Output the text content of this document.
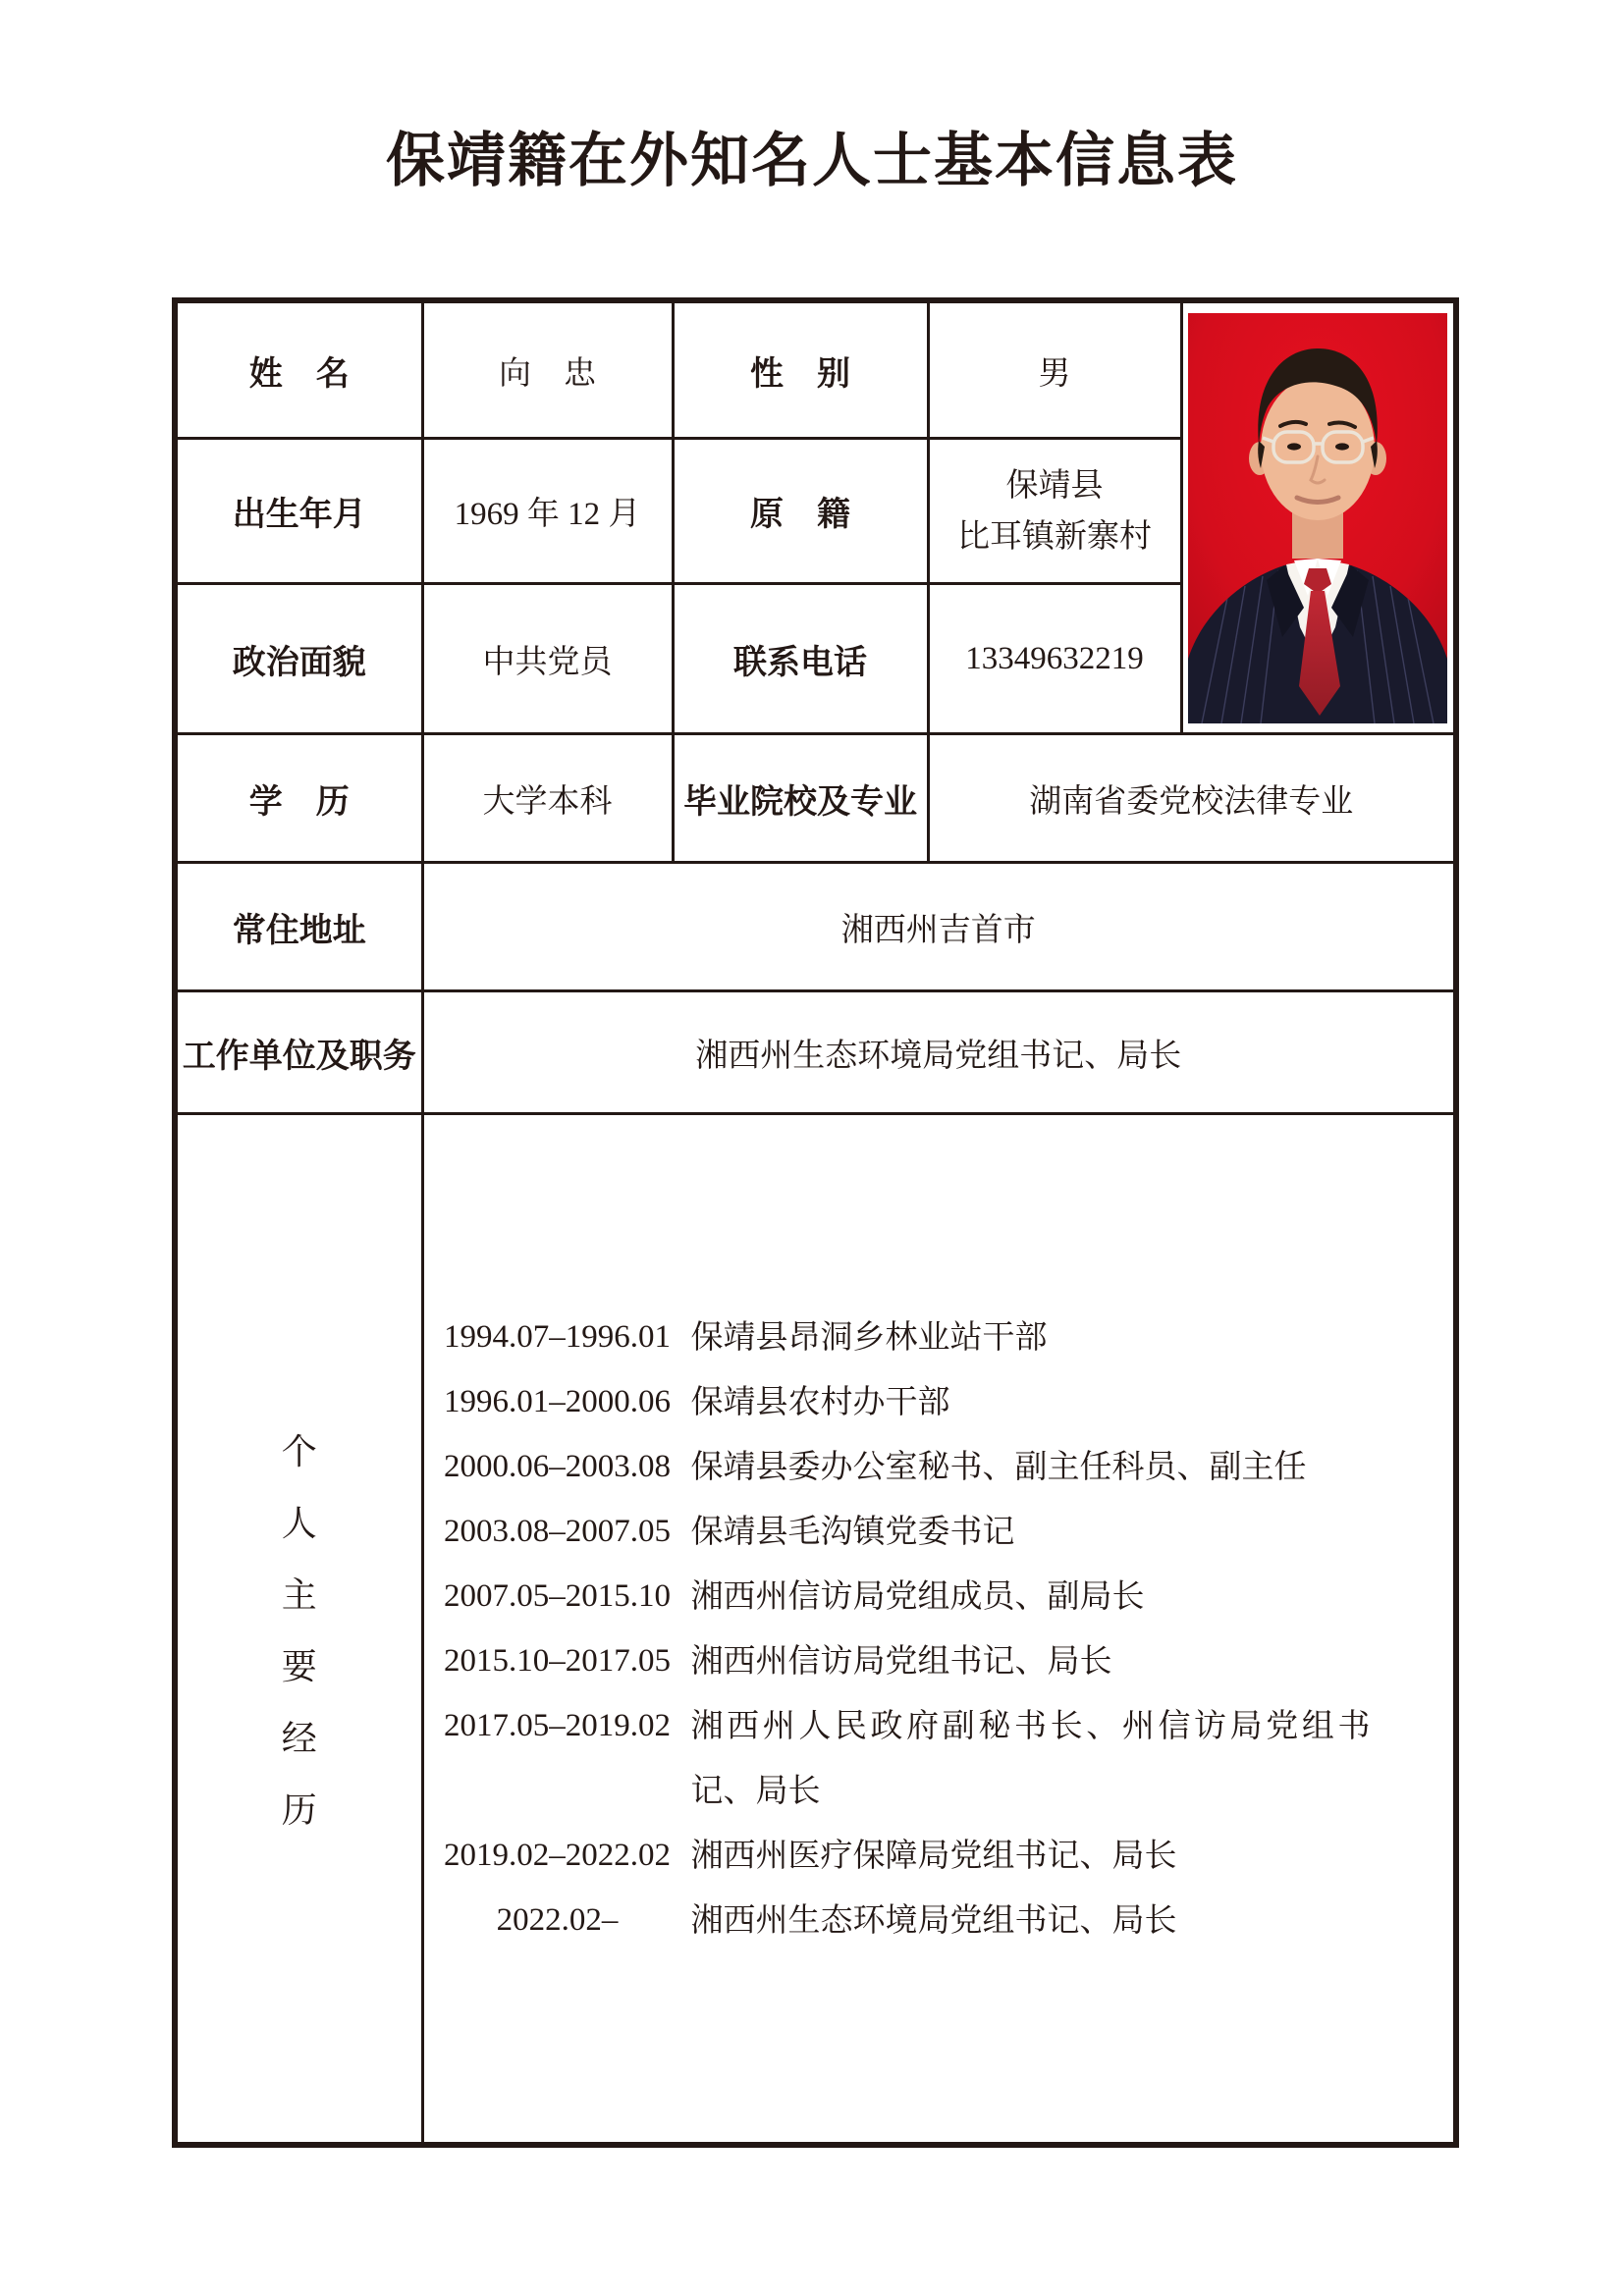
保靖籍在外知名人士基本信息表
姓　名	向　忠	性　别	男	

出生年月	1969 年 12 月	原　籍	保靖县
比耳镇新寨村	

政治面貌	中共党员	联系电话	13349632219	
学　历	大学本科	毕业院校及专业	湖南省委党校法律专业	
常住地址	湘西州吉首市			
工作单位及职务	湘西州生态环境局党组书记、局长			

个
人
主
要
经
历

1994.07–1996.01 保靖县昂洞乡林业站干部
1996.01–2000.06 保靖县农村办干部
2000.06–2003.08 保靖县委办公室秘书、副主任科员、副主任
2003.08–2007.05 保靖县毛沟镇党委书记
2007.05–2015.10 湘西州信访局党组成员、副局长
2015.10–2017.05 湘西州信访局党组书记、局长
2017.05–2019.02 湘西州人民政府副秘书长、州信访局党组书记、局长
2019.02–2022.02 湘西州医疗保障局党组书记、局长
2022.02–	湘西州生态环境局党组书记、局长
